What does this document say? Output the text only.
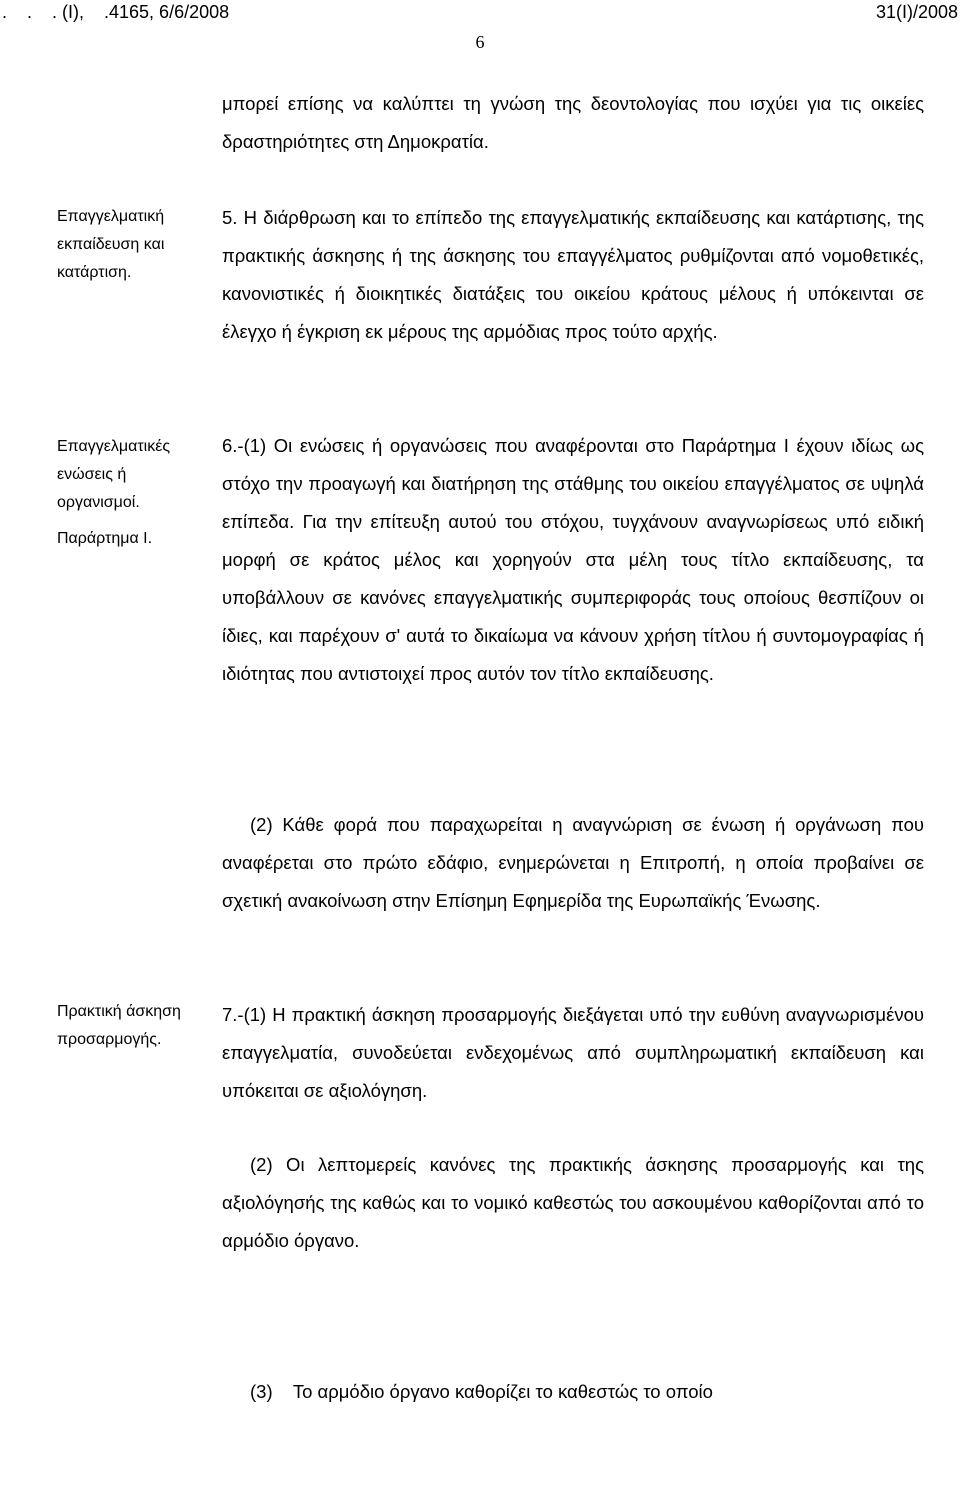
.    .    . (Ι),    .4165, 6/6/2008	31(Ι)/2008
6

μπορεί επίσης να καλύπτει τη γνώση της δεοντολογίας που ισχύει για τις οικείες δραστηριότητες στη Δημοκρατία.

Επαγγελματική εκπαίδευση και κατάρτιση.

5. Η διάρθρωση και το επίπεδο της επαγγελματικής εκπαίδευσης και κατάρτισης, της πρακτικής άσκησης ή της άσκησης του επαγγέλματος ρυθμίζονται από νομοθετικές, κανονιστικές ή διοικητικές διατάξεις του οικείου κράτους μέλους ή υπόκεινται σε έλεγχο ή έγκριση εκ μέρους της αρμόδιας προς τούτο αρχής.

Επαγγελματικές ενώσεις ή οργανισμοί.

Παράρτημα Ι.

6.-(1) Οι ενώσεις ή οργανώσεις που αναφέρονται στο Παράρτημα Ι έχουν ιδίως ως στόχο την προαγωγή και διατήρηση της στάθμης του οικείου επαγγέλματος σε υψηλά επίπεδα. Για την επίτευξη αυτού του στόχου, τυγχάνουν αναγνωρίσεως υπό ειδική μορφή σε κράτος μέλος και χορηγούν στα μέλη τους τίτλο εκπαίδευσης, τα υποβάλλουν σε κανόνες επαγγελματικής συμπεριφοράς τους οποίους θεσπίζουν οι ίδιες, και παρέχουν σ' αυτά το δικαίωμα να κάνουν χρήση τίτλου ή συντομογραφίας ή ιδιότητας που αντιστοιχεί προς αυτόν τον τίτλο εκπαίδευσης.

(2) Κάθε φορά που παραχωρείται η αναγνώριση σε ένωση ή οργάνωση που αναφέρεται στο πρώτο εδάφιο, ενημερώνεται η Επιτροπή, η οποία προβαίνει σε σχετική ανακοίνωση στην Επίσημη Εφημερίδα της Ευρωπαϊκής Ένωσης.

Πρακτική άσκηση προσαρμογής.

7.-(1) Η πρακτική άσκηση προσαρμογής διεξάγεται υπό την ευθύνη αναγνωρισμένου επαγγελματία, συνοδεύεται ενδεχομένως από συμπληρωματική εκπαίδευση και υπόκειται σε αξιολόγηση.

(2) Οι λεπτομερείς κανόνες της πρακτικής άσκησης προσαρμογής και της αξιολόγησής της καθώς και το νομικό καθεστώς του ασκουμένου καθορίζονται από το αρμόδιο όργανο.

(3)    Το αρμόδιο όργανο καθορίζει το καθεστώς το οποίο
